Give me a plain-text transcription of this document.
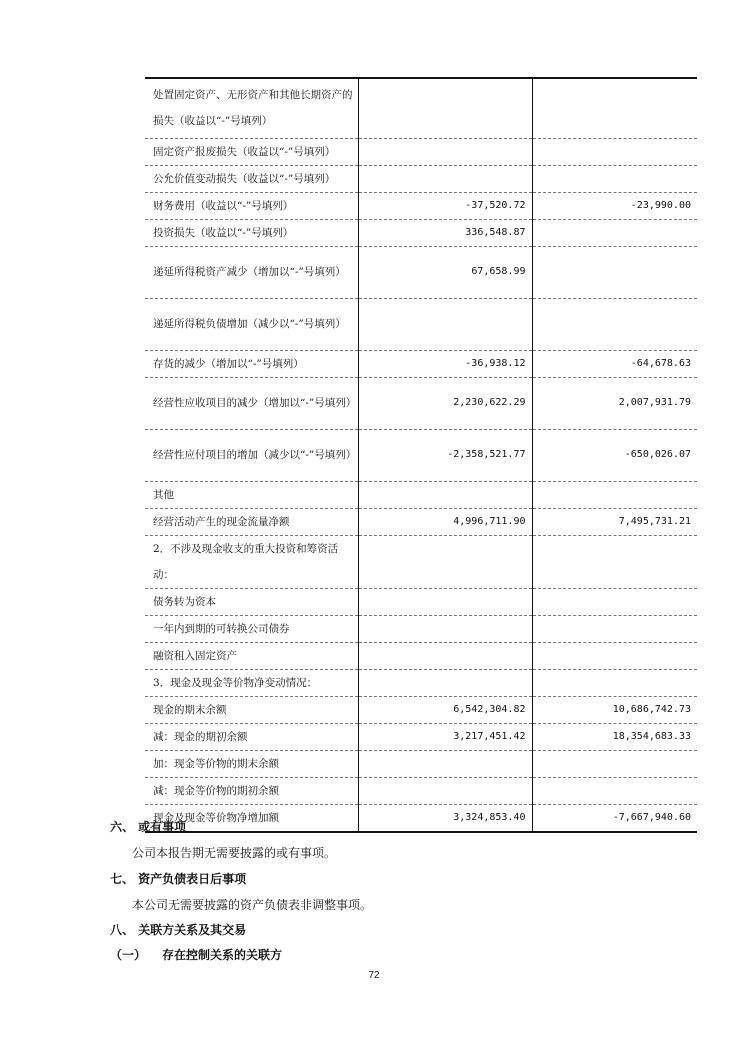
处置固定资产、无形资产和其他长期资产的损失（收益以“-”号填列）		
固定资产报废损失（收益以“-”号填列）		
公允价值变动损失（收益以“-”号填列）		
财务费用（收益以“-”号填列）	-37,520.72	-23,990.00
投资损失（收益以“-”号填列）	336,548.87	
递延所得税资产减少（增加以“-”号填列）	67,658.99	
递延所得税负债增加（减少以“-”号填列）		
存货的减少（增加以“-”号填列）	-36,938.12	-64,678.63
经营性应收项目的减少（增加以“-”号填列）	2,230,622.29	2,007,931.79
经营性应付项目的增加（减少以“-”号填列）	-2,358,521.77	-650,026.07
其他		
经营活动产生的现金流量净额	4,996,711.90	7,495,731.21
2．不涉及现金收支的重大投资和筹资活动：		
债务转为资本		
一年内到期的可转换公司债券		
融资租入固定资产		
3．现金及现金等价物净变动情况：		
现金的期末余额	6,542,304.82	10,686,742.73
减：现金的期初余额	3,217,451.42	18,354,683.33
加：现金等价物的期末余额		
减：现金等价物的期初余额		
现金及现金等价物净增加额	3,324,853.40	-7,667,940.60
六、 或有事项
公司本报告期无需要披露的或有事项。
七、 资产负债表日后事项
本公司无需要披露的资产负债表非调整事项。
八、 关联方关系及其交易
（一） 存在控制关系的关联方
72
